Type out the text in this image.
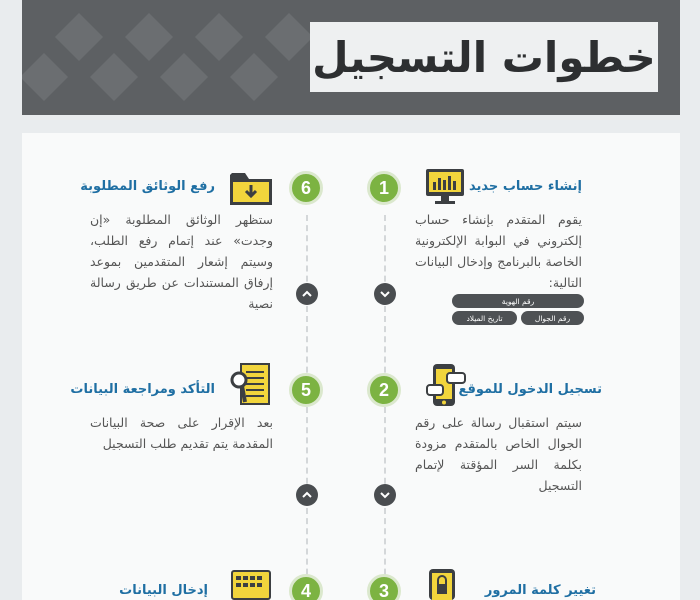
خطوات التسجيل
1	إنشاء حساب جديد
يقوم المتقدم بإنشاء حساب إلكتروني في البوابة الإلكترونية الخاصة بالبرنامج وإدخال البيانات التالية:
رقم الهوية
رقم الجوال
تاريخ الميلاد
6
رفع الوثائق المطلوبة
ستظهر الوثائق المطلوبة «إن وجدت» عند إتمام رفع الطلب، وسيتم إشعار المتقدمين بموعد إرفاق المستندات عن طريق رسالة نصية
2	تسجيل الدخول للموقع
سيتم استقبال رسالة على رقم الجوال الخاص بالمتقدم مزودة بكلمة السر المؤقتة لإتمام التسجيل
5
التأكد ومراجعة البيانات
بعد الإقرار على صحة البيانات المقدمة يتم تقديم طلب التسجيل
3	تغيير كلمة المرور
4
إدخال البيانات
